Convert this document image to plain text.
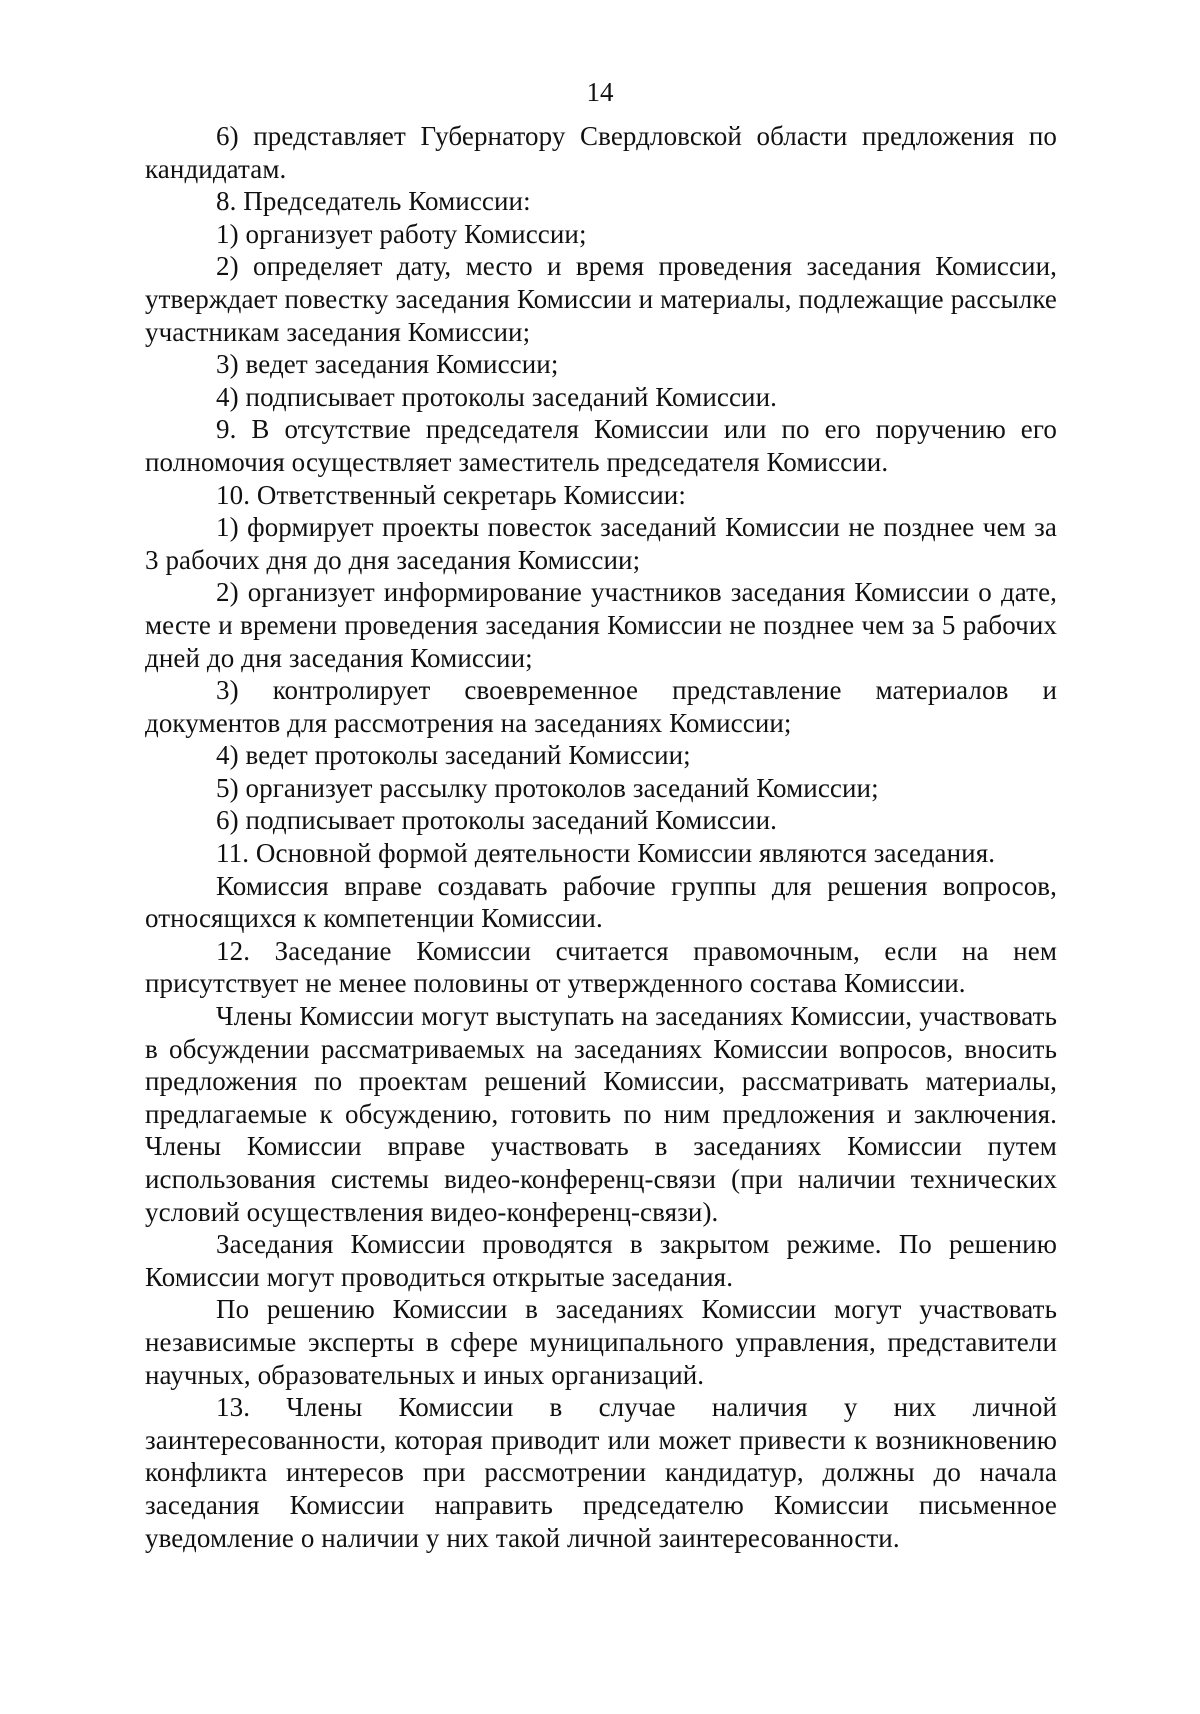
14

6) представляет Губернатору Свердловской области предложения по кандидатам.

8. Председатель Комиссии:

1) организует работу Комиссии;

2) определяет дату, место и время проведения заседания Комиссии, утверждает повестку заседания Комиссии и материалы, подлежащие рассылке участникам заседания Комиссии;

3) ведет заседания Комиссии;

4) подписывает протоколы заседаний Комиссии.

9. В отсутствие председателя Комиссии или по его поручению его полномочия осуществляет заместитель председателя Комиссии.

10. Ответственный секретарь Комиссии:

1) формирует проекты повесток заседаний Комиссии не позднее чем за 3 рабочих дня до дня заседания Комиссии;

2) организует информирование участников заседания Комиссии о дате, месте и времени проведения заседания Комиссии не позднее чем за 5 рабочих дней до дня заседания Комиссии;

3) контролирует своевременное представление материалов и документов для рассмотрения на заседаниях Комиссии;

4) ведет протоколы заседаний Комиссии;

5) организует рассылку протоколов заседаний Комиссии;

6) подписывает протоколы заседаний Комиссии.

11. Основной формой деятельности Комиссии являются заседания.

Комиссия вправе создавать рабочие группы для решения вопросов, относящихся к компетенции Комиссии.

12. Заседание Комиссии считается правомочным, если на нем присутствует не менее половины от утвержденного состава Комиссии.

Члены Комиссии могут выступать на заседаниях Комиссии, участвовать в обсуждении рассматриваемых на заседаниях Комиссии вопросов, вносить предложения по проектам решений Комиссии, рассматривать материалы, предлагаемые к обсуждению, готовить по ним предложения и заключения. Члены Комиссии вправе участвовать в заседаниях Комиссии путем использования системы видео-конференц-связи (при наличии технических условий осуществления видео-конференц-связи).

Заседания Комиссии проводятся в закрытом режиме. По решению Комиссии могут проводиться открытые заседания.

По решению Комиссии в заседаниях Комиссии могут участвовать независимые эксперты в сфере муниципального управления, представители научных, образовательных и иных организаций.

13. Члены Комиссии в случае наличия у них личной заинтересованности, которая приводит или может привести к возникновению конфликта интересов при рассмотрении кандидатур, должны до начала заседания Комиссии направить председателю Комиссии письменное уведомление о наличии у них такой личной заинтересованности.
